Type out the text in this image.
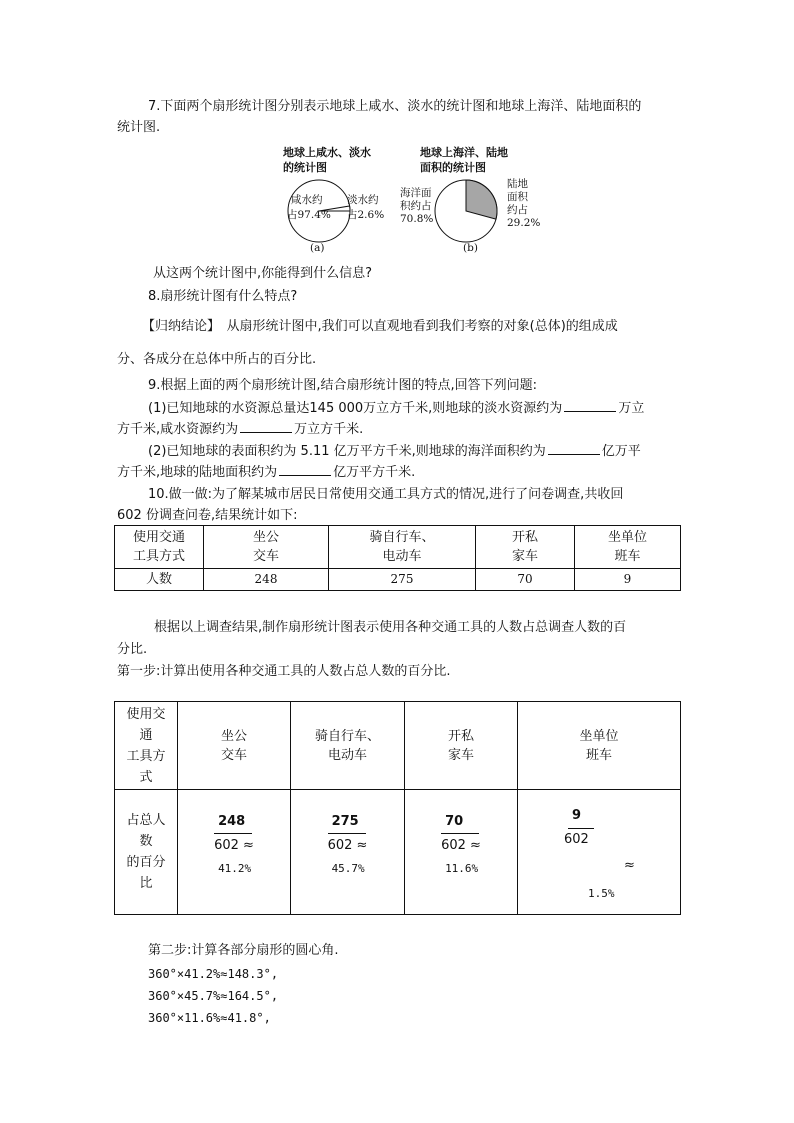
7.下面两个扇形统计图分别表示地球上咸水、淡水的统计图和地球上海洋、陆地面积的
统计图.
地球上咸水、淡水
的统计图
咸水约
占97.4%
淡水约
占2.6%
(a)
地球上海洋、陆地
面积的统计图
海洋面
积约占
70.8%
陆地
面积
约占
29.2%
(b)
从这两个统计图中,你能得到什么信息?
8.扇形统计图有什么特点?
【归纳结论】　从扇形统计图中,我们可以直观地看到我们考察的对象(总体)的组成成
分、各成分在总体中所占的百分比.
9.根据上面的两个扇形统计图,结合扇形统计图的特点,回答下列问题:
(1)已知地球的水资源总量达145 000万立方千米,则地球的淡水资源约为	万立
方千米,咸水资源约为	万立方千米.
(2)已知地球的表面积约为 5.11 亿万平方千米,则地球的海洋面积约为	亿万平
方千米,地球的陆地面积约为	亿万平方千米.
10.做一做:为了解某城市居民日常使用交通工具方式的情况,进行了问卷调查,共收回
602 份调查问卷,结果统计如下:
使用交通
工具方式	坐公
交车	骑自行车、
电动车	开私
家车	坐单位
班车
人数	248	275	70	9
根据以上调查结果,制作扇形统计图表示使用各种交通工具的人数占总调查人数的百
分比.
第一步:计算出使用各种交通工具的人数占总人数的百分比.
使用交
通
工具方
式	坐公
交车	骑自行车、
电动车	开私
家车	坐单位
班车
占总人
数
的百分
比	248
602 ≈
41.2%	275
602 ≈
45.7%	70
602 ≈
11.6%	9
602
≈
1.5%
第二步:计算各部分扇形的圆心角.
360°×41.2%≈148.3°,
360°×45.7%≈164.5°,
360°×11.6%≈41.8°,
